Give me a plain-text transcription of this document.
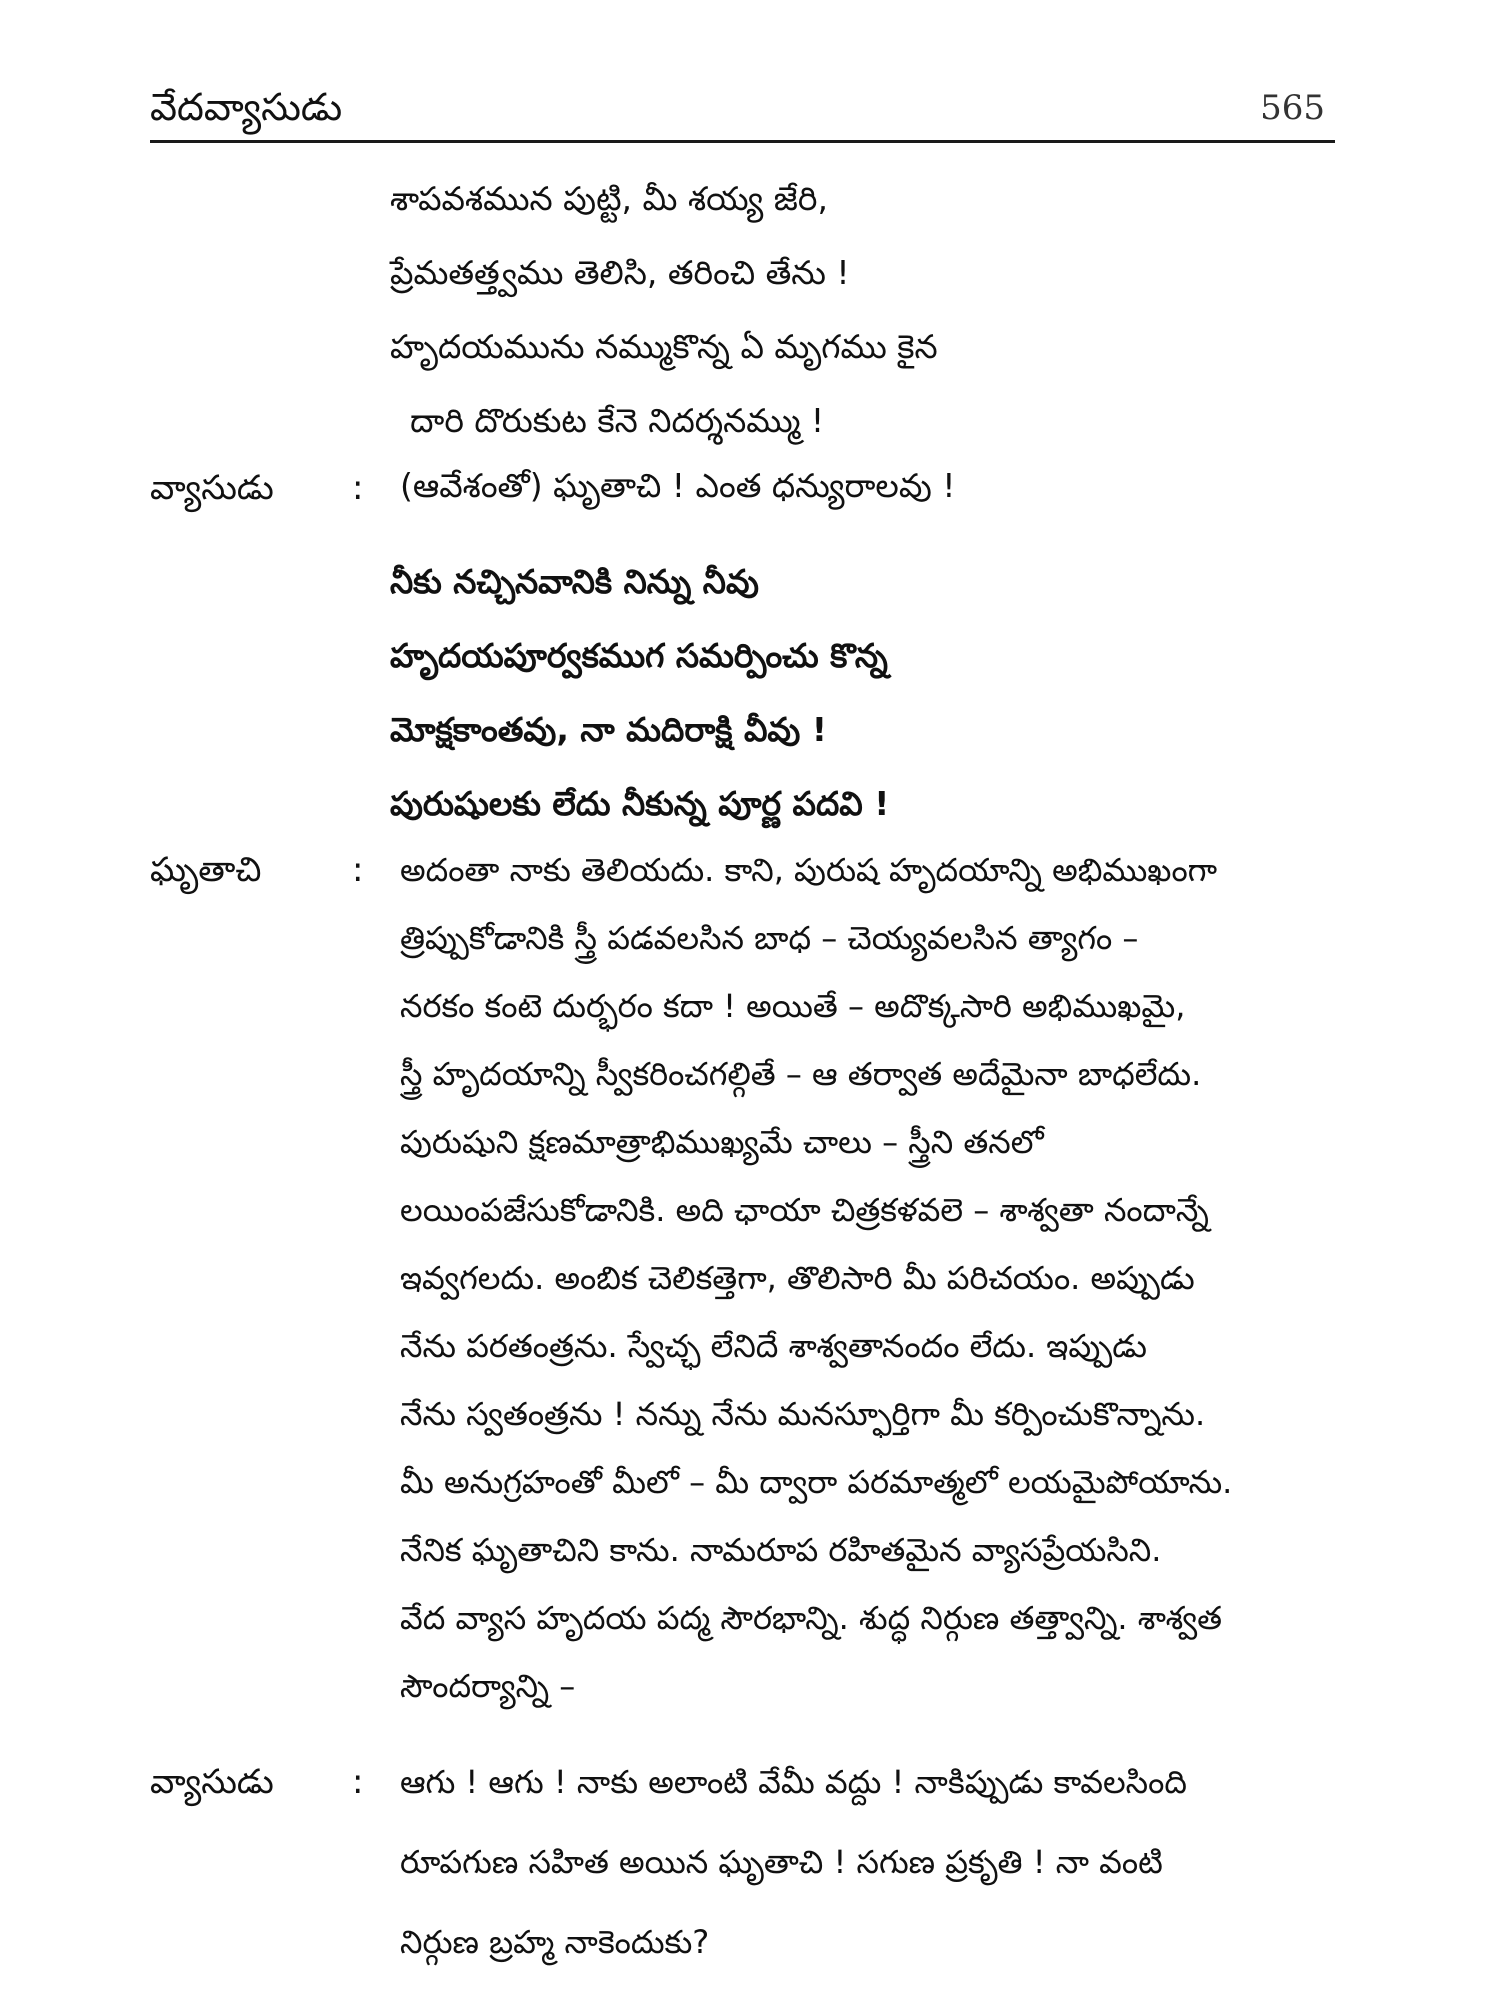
వేదవ్యాసుడు	565
శాపవశమున పుట్టి, మీ శయ్య జేరి,
ప్రేమతత్త్వము తెలిసి, తరించి తేను !
హృదయమును నమ్ముకొన్న ఏ మృగము కైన
దారి దొరుకుట కేనె నిదర్శనమ్ము !
వ్యాసుడు : (ఆవేశంతో) ఘృతాచి ! ఎంత ధన్యురాలవు !
నీకు నచ్చినవానికి నిన్ను నీవు
హృదయపూర్వకముగ సమర్పించు కొన్న
మోక్షకాంతవు, నా మదిరాక్షి వీవు !
పురుషులకు లేదు నీకున్న పూర్ణ పదవి !
ఘృతాచి	: అదంతా నాకు తెలియదు. కాని, పురుష హృదయాన్ని అభిముఖంగా
త్రిప్పుకోడానికి స్త్రీ పడవలసిన బాధ – చెయ్యవలసిన త్యాగం –
నరకం కంటె దుర్భరం కదా ! అయితే – అదొక్కసారి అభిముఖమై,
స్త్రీ హృదయాన్ని స్వీకరించగల్గితే – ఆ తర్వాత అదేమైనా బాధలేదు.
పురుషుని క్షణమాత్రాభిముఖ్యమే చాలు – స్త్రీని తనలో
లయింపజేసుకోడానికి. అది ఛాయా చిత్రకళవలె – శాశ్వతా నందాన్నే
ఇవ్వగలదు. అంబిక చెలికత్తెగా, తొలిసారి మీ పరిచయం. అప్పుడు
నేను పరతంత్రను. స్వేచ్ఛ లేనిదే శాశ్వతానందం లేదు. ఇప్పుడు
నేను స్వతంత్రను ! నన్ను నేను మనస్ఫూర్తిగా మీ కర్పించుకొన్నాను.
మీ అనుగ్రహంతో మీలో – మీ ద్వారా పరమాత్మలో లయమైపోయాను.
నేనిక ఘృతాచిని కాను. నామరూప రహితమైన వ్యాసప్రేయసిని.
వేద వ్యాస హృదయ పద్మ సౌరభాన్ని. శుద్ధ నిర్గుణ తత్త్వాన్ని. శాశ్వత
సౌందర్యాన్ని –
వ్యాసుడు : ఆగు ! ఆగు ! నాకు అలాంటి వేమీ వద్దు ! నాకిప్పుడు కావలసింది
రూపగుణ సహిత అయిన ఘృతాచి ! సగుణ ప్రకృతి ! నా వంటి
నిర్గుణ బ్రహ్మ నాకెందుకు?
